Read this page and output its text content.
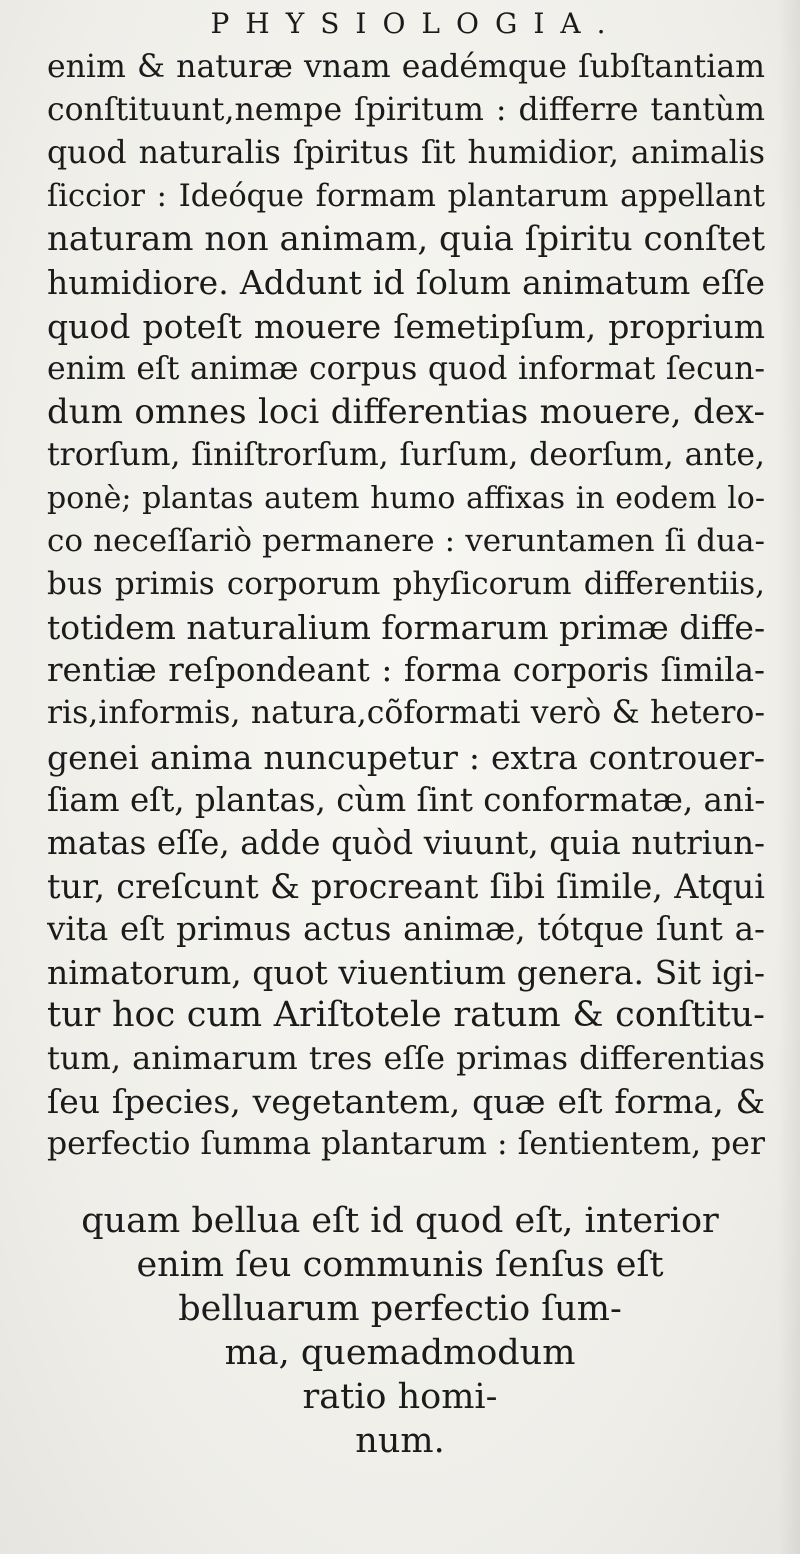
PHYSIOLOGIA.
enim & naturæ vnam eadémque ſubſtantiam
conſtituunt,nempe ſpiritum : differre tantùm
quod naturalis ſpiritus ſit humidior, animalis
ſiccior : Ideóque formam plantarum appellant
naturam non animam, quia ſpiritu conſtet
humidiore. Addunt id ſolum animatum eſſe
quod poteſt mouere ſemetipſum, proprium
enim eſt animæ corpus quod informat ſecun-
dum omnes loci differentias mouere, dex-
trorſum, ſiniſtrorſum, ſurſum, deorſum, ante,
ponè; plantas autem humo affixas in eodem lo-
co neceſſariò permanere : veruntamen ſi dua-
bus primis corporum phyſicorum differentiis,
totidem naturalium formarum primæ diffe-
rentiæ reſpondeant : forma corporis ſimila-
ris,informis, natura,cõformati verò & hetero-
genei anima nuncupetur : extra controuer-
ſiam eſt, plantas, cùm ſint conformatæ, ani-
matas eſſe, adde quòd viuunt, quia nutriun-
tur, creſcunt & procreant ſibi ſimile, Atqui
vita eſt primus actus animæ, tótque ſunt a-
nimatorum, quot viuentium genera. Sit igi-
tur hoc cum Ariſtotele ratum & conſtitu-
tum, animarum tres eſſe primas differentias
ſeu ſpecies, vegetantem, quæ eſt forma, &
perfectio ſumma plantarum : ſentientem, per
quam bellua eſt id quod eſt, interior
enim ſeu communis ſenſus eſt
belluarum perfectio ſum-
ma, quemadmodum
ratio homi-
num.
